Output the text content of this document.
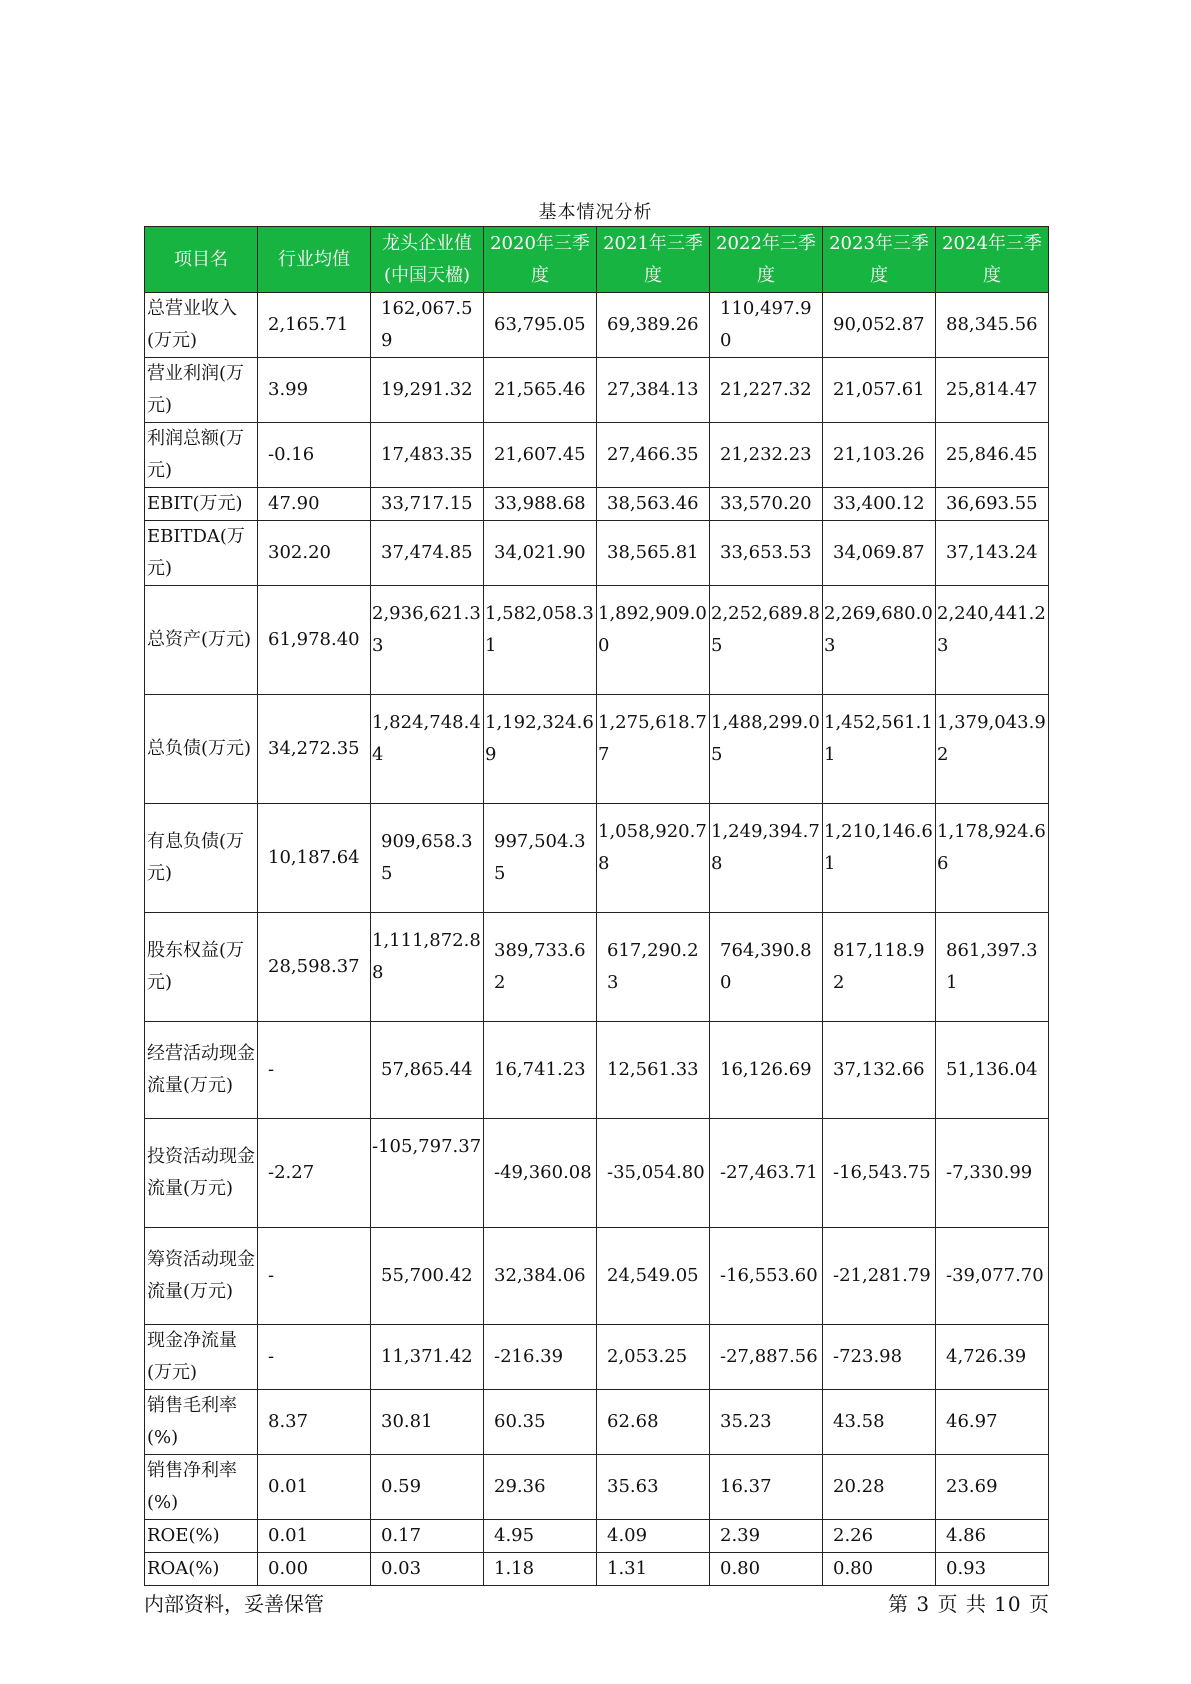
基本情况分析
项目名	行业均值	龙头企业值(中国天楹)	2020年三季度	2021年三季度	2022年三季度	2023年三季度	2024年三季度
总营业收入(万元)	2,165.71	162,067.59	63,795.05	69,389.26	110,497.90	90,052.87	88,345.56
营业利润(万元)	3.99	19,291.32	21,565.46	27,384.13	21,227.32	21,057.61	25,814.47
利润总额(万元)	-0.16	17,483.35	21,607.45	27,466.35	21,232.23	21,103.26	25,846.45
EBIT(万元)	47.90	33,717.15	33,988.68	38,563.46	33,570.20	33,400.12	36,693.55
EBITDA(万元)	302.20	37,474.85	34,021.90	38,565.81	33,653.53	34,069.87	37,143.24
总资产(万元)	61,978.40	2,936,621.33	1,582,058.31	1,892,909.00	2,252,689.85	2,269,680.03	2,240,441.23
总负债(万元)	34,272.35	1,824,748.44	1,192,324.69	1,275,618.77	1,488,299.05	1,452,561.11	1,379,043.92
有息负债(万元)	10,187.64	909,658.35	997,504.35	1,058,920.78	1,249,394.78	1,210,146.61	1,178,924.66
股东权益(万元)	28,598.37	1,111,872.88	389,733.62	617,290.23	764,390.80	817,118.92	861,397.31
经营活动现金流量(万元)	-	57,865.44	16,741.23	12,561.33	16,126.69	37,132.66	51,136.04
投资活动现金流量(万元)	-2.27	-105,797.37	-49,360.08	-35,054.80	-27,463.71	-16,543.75	-7,330.99
筹资活动现金流量(万元)	-	55,700.42	32,384.06	24,549.05	-16,553.60	-21,281.79	-39,077.70
现金净流量(万元)	-	11,371.42	-216.39	2,053.25	-27,887.56	-723.98	4,726.39
销售毛利率(%)	8.37	30.81	60.35	62.68	35.23	43.58	46.97
销售净利率(%)	0.01	0.59	29.36	35.63	16.37	20.28	23.69
ROE(%)	0.01	0.17	4.95	4.09	2.39	2.26	4.86
ROA(%)	0.00	0.03	1.18	1.31	0.80	0.80	0.93
内部资料，妥善保管	第 3 页 共 10 页
